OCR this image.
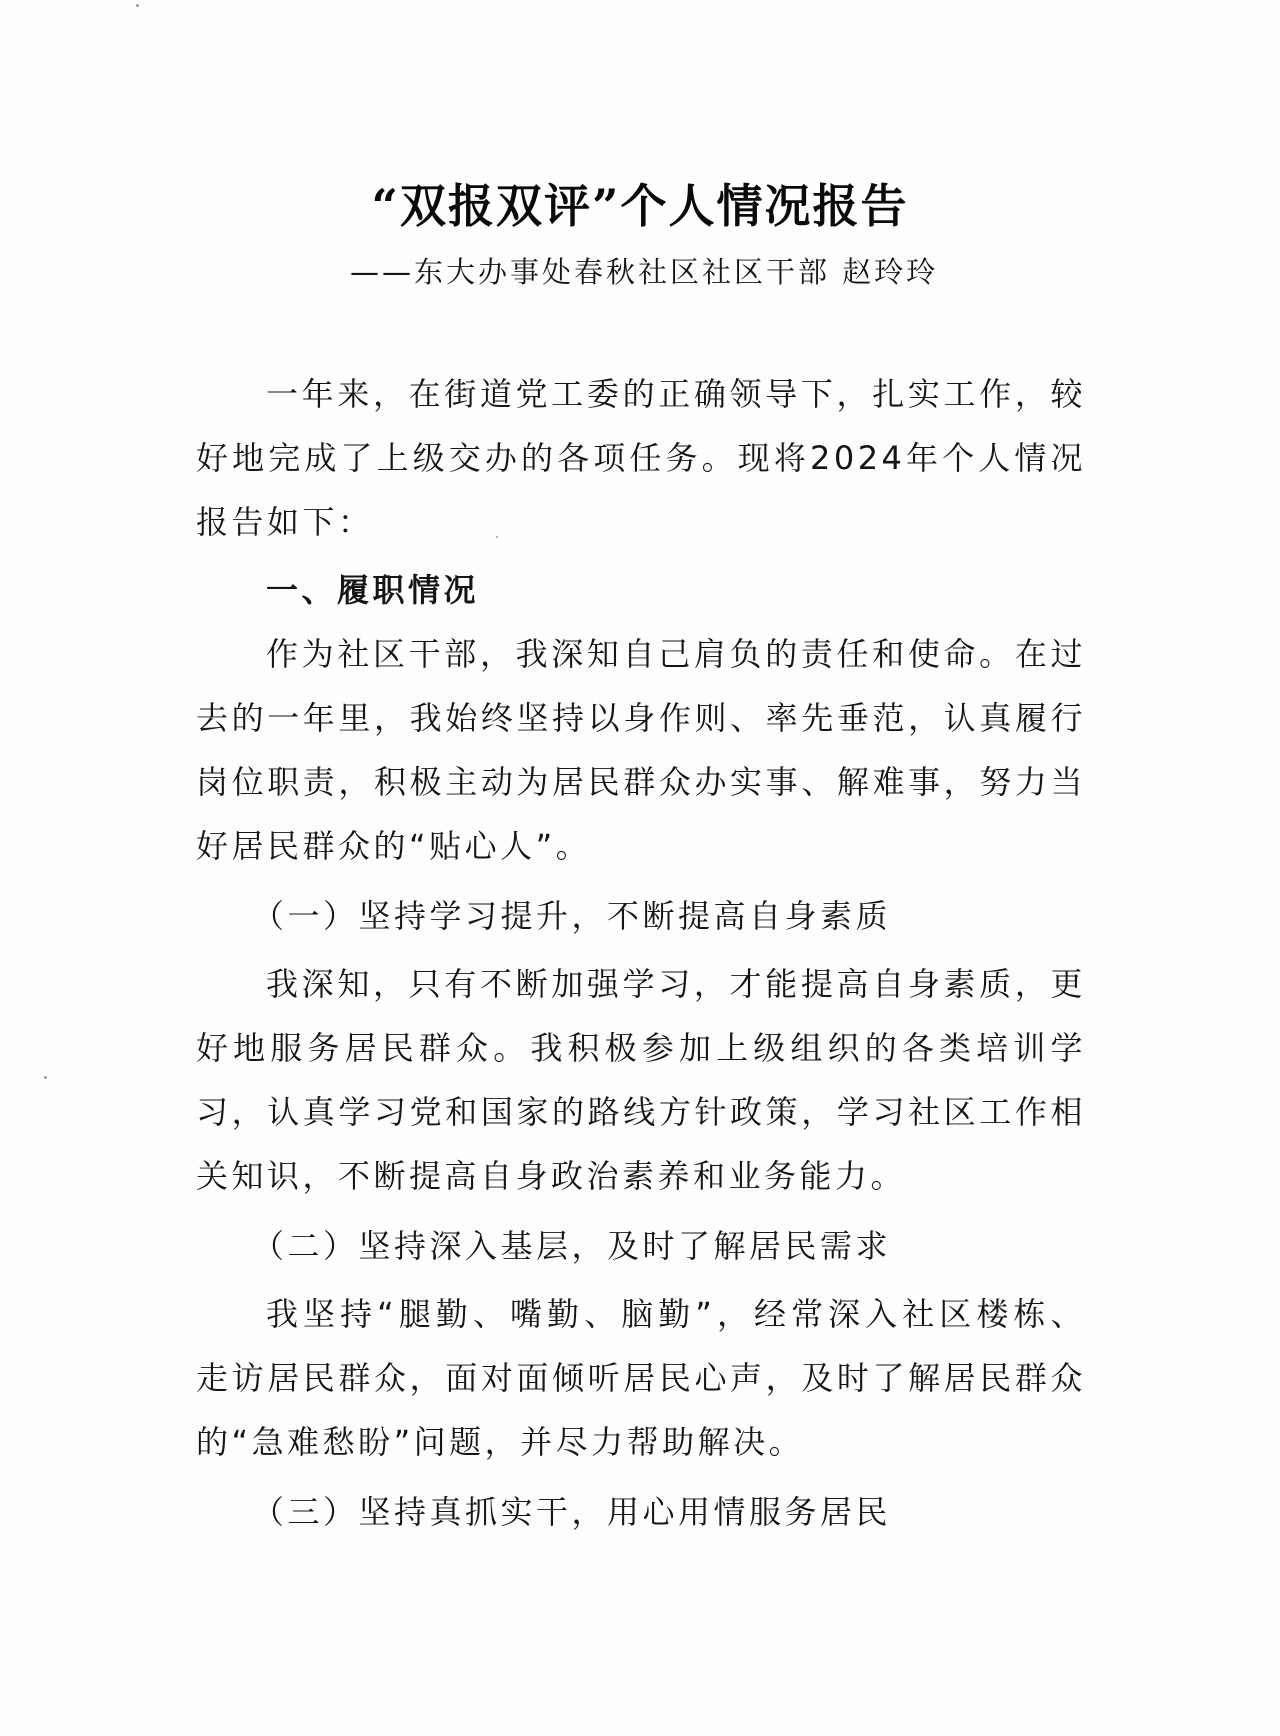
“双报双评”个人情况报告
——东大办事处春秋社区社区干部 赵玲玲

一年来，在街道党工委的正确领导下，扎实工作，较好地完成了上级交办的各项任务。现将2024年个人情况报告如下：

一、履职情况

作为社区干部，我深知自己肩负的责任和使命。在过去的一年里，我始终坚持以身作则、率先垂范，认真履行岗位职责，积极主动为居民群众办实事、解难事，努力当好居民群众的“贴心人”。

（一）坚持学习提升，不断提高自身素质

我深知，只有不断加强学习，才能提高自身素质，更好地服务居民群众。我积极参加上级组织的各类培训学习，认真学习党和国家的路线方针政策，学习社区工作相关知识，不断提高自身政治素养和业务能力。

（二）坚持深入基层，及时了解居民需求

我坚持“腿勤、嘴勤、脑勤”，经常深入社区楼栋、走访居民群众，面对面倾听居民心声，及时了解居民群众的“急难愁盼”问题，并尽力帮助解决。

（三）坚持真抓实干，用心用情服务居民
